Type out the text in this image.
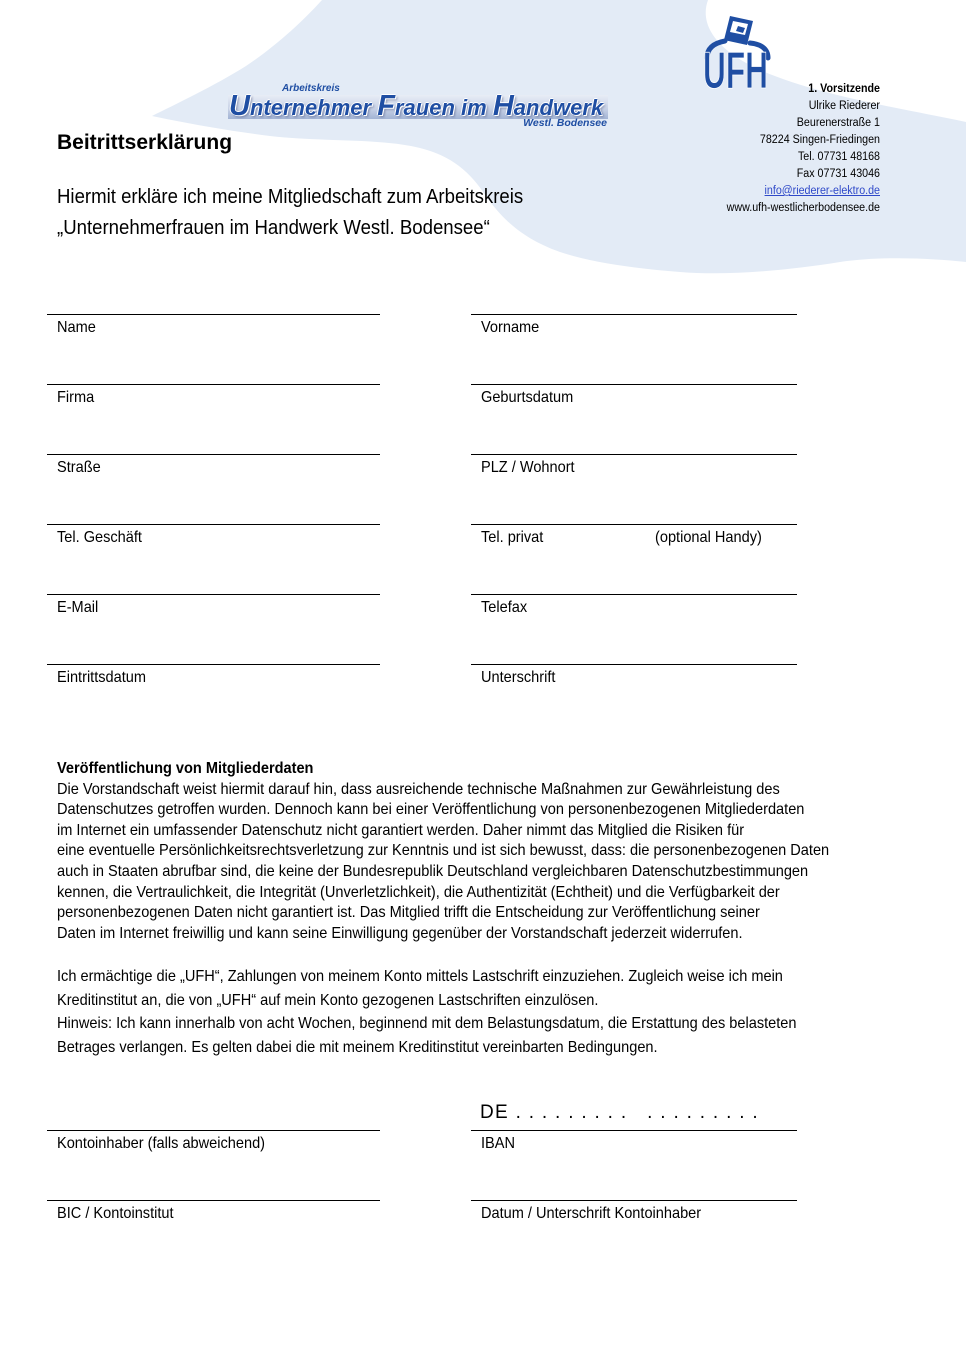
Arbeitskreis
Unternehmer Frauen im Handwerk
Westl. Bodensee
UFH	1. Vorsitzende
Ulrike Riederer
Beurenerstraße 1
78224 Singen-Friedingen
Tel. 07731 48168
Fax 07731 43046
info@riederer-elektro.de
www.ufh-westlicherbodensee.de
Beitrittserklärung
Hiermit erkläre ich meine Mitgliedschaft zum Arbeitskreis
„Unternehmerfrauen im Handwerk Westl. Bodensee“
Name	Vorname
Firma	Geburtsdatum
Straße	PLZ / Wohnort
Tel. Geschäft	Tel. privat	(optional Handy)
E-Mail	Telefax
Eintrittsdatum	Unterschrift
Veröffentlichung von Mitgliederdaten
Die Vorstandschaft weist hiermit darauf hin, dass ausreichende technische Maßnahmen zur Gewährleistung des
Datenschutzes getroffen wurden. Dennoch kann bei einer Veröffentlichung von personenbezogenen Mitgliederdaten
im Internet ein umfassender Datenschutz nicht garantiert werden. Daher nimmt das Mitglied die Risiken für
eine eventuelle Persönlichkeitsrechtsverletzung zur Kenntnis und ist sich bewusst, dass: die personenbezogenen Daten
auch in Staaten abrufbar sind, die keine der Bundesrepublik Deutschland vergleichbaren Datenschutzbestimmungen
kennen, die Vertraulichkeit, die Integrität (Unverletzlichkeit), die Authentizität (Echtheit) und die Verfügbarkeit der
personenbezogenen Daten nicht garantiert ist. Das Mitglied trifft die Entscheidung zur Veröffentlichung seiner
Daten im Internet freiwillig und kann seine Einwilligung gegenüber der Vorstandschaft jederzeit widerrufen.
Ich ermächtige die „UFH“, Zahlungen von meinem Konto mittels Lastschrift einzuziehen. Zugleich weise ich mein
Kreditinstitut an, die von „UFH“ auf mein Konto gezogenen Lastschriften einzulösen.
Hinweis: Ich kann innerhalb von acht Wochen, beginnend mit dem Belastungsdatum, die Erstattung des belasteten
Betrages verlangen. Es gelten dabei die mit meinem Kreditinstitut vereinbarten Bedingungen.
DE . . . . . . . . .   . . . . . . . . .
Kontoinhaber (falls abweichend)	IBAN
BIC / Kontoinstitut	Datum / Unterschrift Kontoinhaber
